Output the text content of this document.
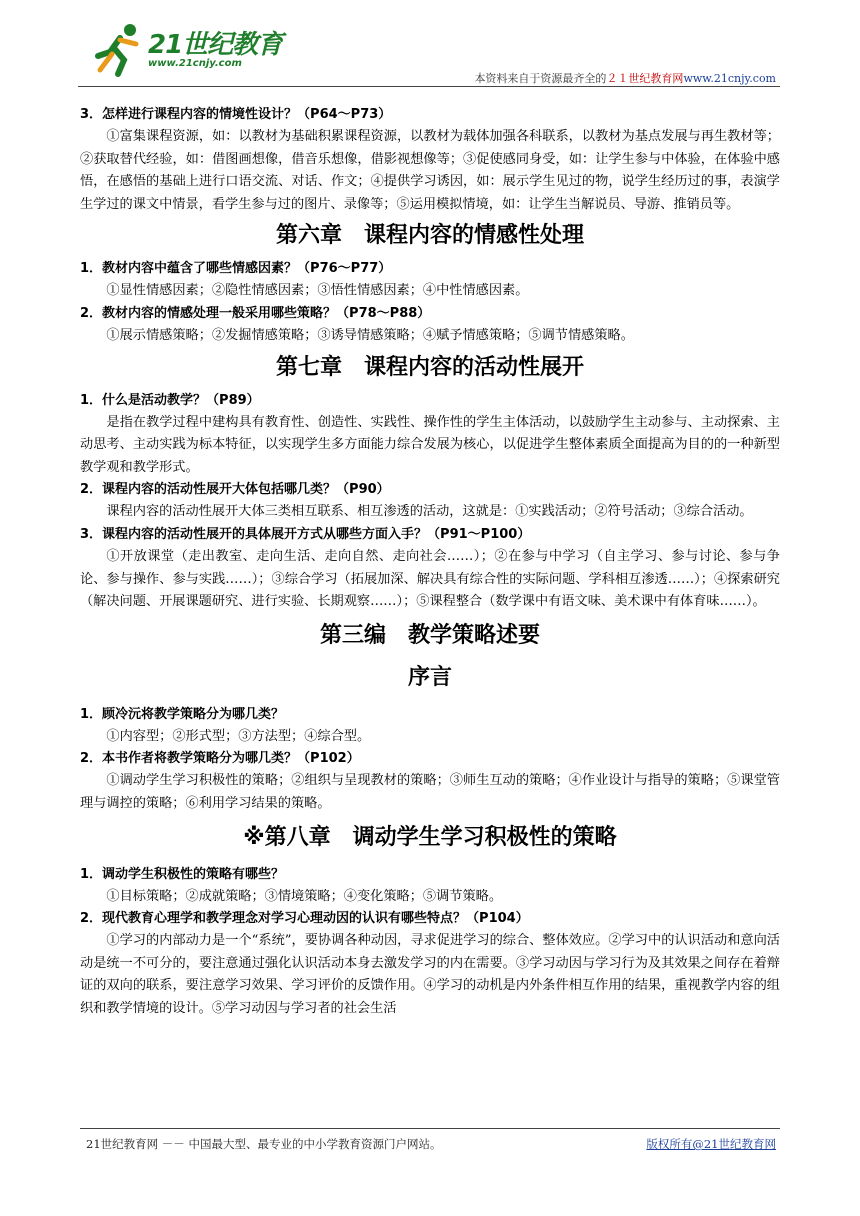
21世纪教育
www.21cnjy.com
本资料来自于资源最齐全的２１世纪教育网www.21cnjy.com
3．怎样进行课程内容的情境性设计？（P64～P73）
①富集课程资源，如：以教材为基础积累课程资源，以教材为载体加强各科联系，以教材为基点发展与再生教材等；②获取替代经验，如：借图画想像，借音乐想像，借影视想像等；③促使感同身受，如：让学生参与中体验，在体验中感悟，在感悟的基础上进行口语交流、对话、作文；④提供学习诱因，如：展示学生见过的物，说学生经历过的事，表演学生学过的课文中情景，看学生参与过的图片、录像等；⑤运用模拟情境，如：让学生当解说员、导游、推销员等。
第六章　课程内容的情感性处理
1．教材内容中蕴含了哪些情感因素？（P76～P77）
①显性情感因素；②隐性情感因素；③悟性情感因素；④中性情感因素。
2．教材内容的情感处理一般采用哪些策略？（P78～P88）
①展示情感策略；②发掘情感策略；③诱导情感策略；④赋予情感策略；⑤调节情感策略。
第七章　课程内容的活动性展开
1．什么是活动教学？（P89）
是指在教学过程中建构具有教育性、创造性、实践性、操作性的学生主体活动，以鼓励学生主动参与、主动探索、主动思考、主动实践为标本特征，以实现学生多方面能力综合发展为核心，以促进学生整体素质全面提高为目的的一种新型教学观和教学形式。
2．课程内容的活动性展开大体包括哪几类？（P90）
课程内容的活动性展开大体三类相互联系、相互渗透的活动，这就是：①实践活动；②符号活动；③综合活动。
3．课程内容的活动性展开的具体展开方式从哪些方面入手？（P91～P100）
①开放课堂（走出教室、走向生活、走向自然、走向社会……）；②在参与中学习（自主学习、参与讨论、参与争论、参与操作、参与实践……）；③综合学习（拓展加深、解决具有综合性的实际问题、学科相互渗透……）；④探索研究（解决问题、开展课题研究、进行实验、长期观察……）；⑤课程整合（数学课中有语文味、美术课中有体育味……）。
第三编　教学策略述要
序言
1．顾冷沅将教学策略分为哪几类？
①内容型；②形式型；③方法型；④综合型。
2．本书作者将教学策略分为哪几类？（P102）
①调动学生学习积极性的策略；②组织与呈现教材的策略；③师生互动的策略；④作业设计与指导的策略；⑤课堂管理与调控的策略；⑥利用学习结果的策略。
※第八章　调动学生学习积极性的策略
1．调动学生积极性的策略有哪些？
①目标策略；②成就策略；③情境策略；④变化策略；⑤调节策略。
2．现代教育心理学和教学理念对学习心理动因的认识有哪些特点？（P104）
①学习的内部动力是一个“系统”，要协调各种动因，寻求促进学习的综合、整体效应。②学习中的认识活动和意向活动是统一不可分的，要注意通过强化认识活动本身去激发学习的内在需要。③学习动因与学习行为及其效果之间存在着辩证的双向的联系，要注意学习效果、学习评价的反馈作用。④学习的动机是内外条件相互作用的结果，重视教学内容的组织和教学情境的设计。⑤学习动因与学习者的社会生活
21世纪教育网 －－ 中国最大型、最专业的中小学教育资源门户网站。	版权所有@21世纪教育网
